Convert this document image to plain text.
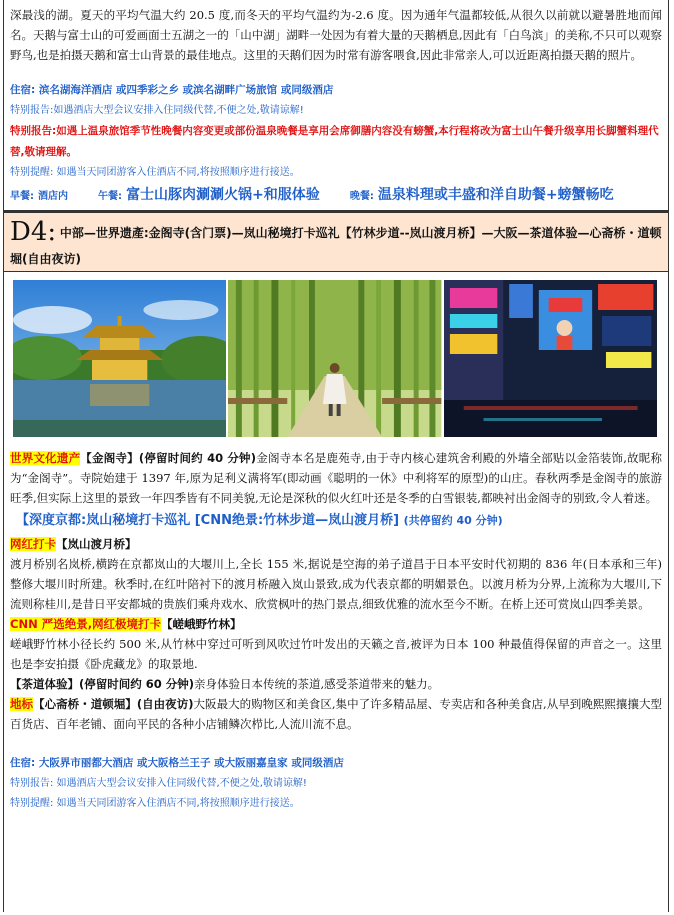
深最浅的湖。夏天的平均气温大约 20.5 度,而冬天的平均气温约为-2.6 度。因为通年气温都较低,从很久以前就以避暑胜地而闻名。天鹅与富士山的可爱画面士五湖之一的「山中湖」湖畔一处因为有着大量的天鹅栖息,因此有「白鸟滨」的美称,不只可以观察野鸟,也是拍摄天鹅和富士山背景的最佳地点。这里的天鹅们因为时常有游客喂食,因此非常亲人,可以近距离拍摄天鹅的照片。

住宿: 滨名湖海洋酒店 或四季彩之乡 或滨名湖畔广场旅馆 或同级酒店
特别报告:如遇酒店大型会议安排入住同级代替,不便之处,敬请谅解!
特别报告:如遇上温泉旅馆季节性晚餐内容变更或部份温泉晚餐是享用会席御膳内容没有螃蟹,本行程将改为富士山午餐升级享用长脚蟹料理代替,敬请理解。
特别提醒: 如遇当天同团游客入住酒店不同,将按照顺序进行接送。
早餐: 酒店内	午餐: 富士山豚肉涮涮火锅+和服体验	晚餐: 温泉料理或丰盛和洋自助餐+螃蟹畅吃
D4: 中部—世界遗產:金阁寺(含门票)—岚山秘境打卡巡礼【竹林步道--岚山渡月桥】—大阪—茶道体验—心斋桥・道顿堀(自由夜访)

世界文化遗产【金阁寺】(停留时间约 40 分钟)金阁寺本名是鹿苑寺,由于寺内核心建筑舍利殿的外墙全部贴以金箔装饰,故昵称为“金阁寺”。寺院始建于 1397 年,原为足利义满将军(即动画《聪明的一休》中利将军的原型)的山庄。春秋两季是金阁寺的旅游旺季,但实际上这里的景致一年四季皆有不同美貌,无论是深秋的似火红叶还是冬季的白雪银装,都映衬出金阁寺的别致,令人着迷。

【深度京都:岚山秘境打卡巡礼 [CNN绝景:竹林步道—岚山渡月桥] (共停留约 40 分钟)

网红打卡【岚山渡月桥】

渡月桥别名岚桥,横跨在京都岚山的大堰川上,全长 155 米,据说是空海的弟子道昌于日本平安时代初期的 836 年(日本承和三年)整修大堰川时所建。秋季时,在红叶陪衬下的渡月桥融入岚山景致,成为代表京都的明媚景色。以渡月桥为分界,上流称为大堰川,下流则称桂川,是昔日平安都城的贵族们乘舟戏水、欣赏枫叶的热门景点,细致优雅的流水至今不断。在桥上还可赏岚山四季美景。

CNN 严选绝景,网红极境打卡【嵯峨野竹林】

嵯峨野竹林小径长约 500 米,从竹林中穿过可听到风吹过竹叶发出的天籁之音,被评为日本 100 种最值得保留的声音之一。这里也是李安拍摄《卧虎藏龙》的取景地.

【茶道体验】(停留时间约 60 分钟)亲身体验日本传统的茶道,感受茶道带来的魅力。

地标【心斋桥・道顿堀】(自由夜访)大阪最大的购物区和美食区,集中了许多精品屋、专卖店和各种美食店,从早到晚熙熙攘攘大型百货店、百年老铺、面向平民的各种小店铺鳞次栉比,人流川流不息。

住宿: 大阪界市丽都大酒店 或大阪格兰王子 或大阪丽嘉皇家 或同级酒店
特别报告: 如遇酒店大型会议安排入住同级代替,不便之处,敬请谅解!
特别提醒: 如遇当天同团游客入住酒店不同,将按照顺序进行接送。
